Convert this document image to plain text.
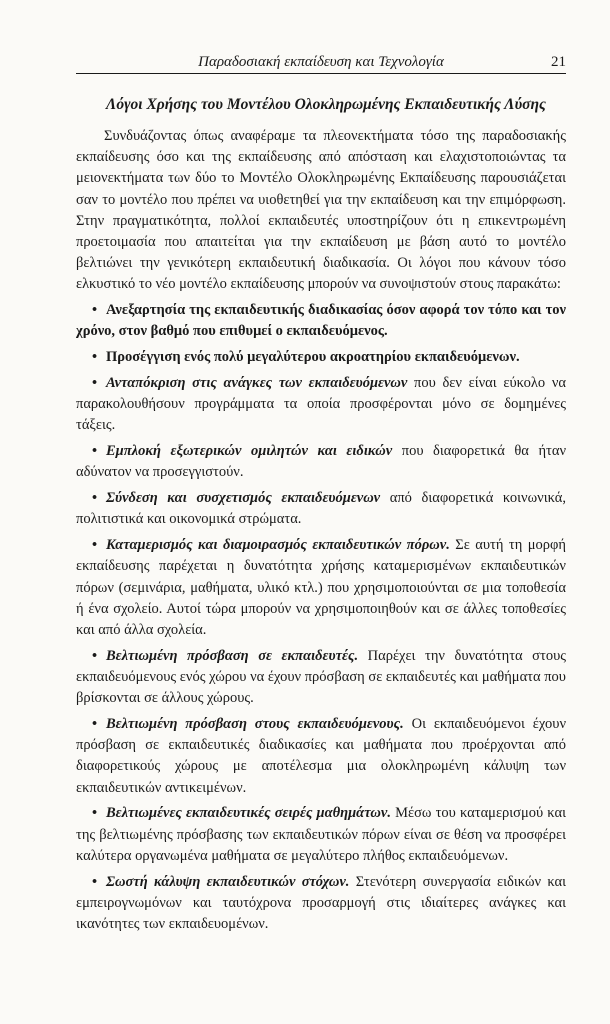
Παραδοσιακή εκπαίδευση και Τεχνολογία	21
Λόγοι Χρήσης του Μοντέλου Ολοκληρωμένης Εκπαιδευτικής Λύσης

Συνδυάζοντας όπως αναφέραμε τα πλεονεκτήματα τόσο της παραδοσιακής εκπαίδευσης όσο και της εκπαίδευσης από απόσταση και ελαχιστοποιώντας τα μειονεκτήματα των δύο το Μοντέλο Ολοκληρωμένης Εκπαίδευσης παρουσιάζεται σαν το μοντέλο που πρέπει να υιοθετηθεί για την εκπαίδευση και την επιμόρφωση. Στην πραγματικότητα, πολλοί εκπαιδευτές υποστηρίζουν ότι η επικεντρωμένη προετοιμασία που απαιτείται για την εκπαίδευση με βάση αυτό το μοντέλο βελτιώνει την γενικότερη εκπαιδευτική διαδικασία. Οι λόγοι που κάνουν τόσο ελκυστικό το νέο μοντέλο εκπαίδευσης μπορούν να συνοψιστούν στους παρακάτω:

• Ανεξαρτησία της εκπαιδευτικής διαδικασίας όσον αφορά τον τόπο και τον χρόνο, στον βαθμό που επιθυμεί ο εκπαιδευόμενος.
• Προσέγγιση ενός πολύ μεγαλύτερου ακροατηρίου εκπαιδευόμενων.
• Ανταπόκριση στις ανάγκες των εκπαιδευόμενων που δεν είναι εύκολο να παρακολουθήσουν προγράμματα τα οποία προσφέρονται μόνο σε δομημένες τάξεις.
• Εμπλοκή εξωτερικών ομιλητών και ειδικών που διαφορετικά θα ήταν αδύνατον να προσεγγιστούν.
• Σύνδεση και συσχετισμός εκπαιδευόμενων από διαφορετικά κοινωνικά, πολιτιστικά και οικονομικά στρώματα.
• Καταμερισμός και διαμοιρασμός εκπαιδευτικών πόρων. Σε αυτή τη μορφή εκπαίδευσης παρέχεται η δυνατότητα χρήσης καταμερισμένων εκπαιδευτικών πόρων (σεμινάρια, μαθήματα, υλικό κτλ.) που χρησιμοποιούνται σε μια τοποθεσία ή ένα σχολείο. Αυτοί τώρα μπορούν να χρησιμοποιηθούν και σε άλλες τοποθεσίες και από άλλα σχολεία.
• Βελτιωμένη πρόσβαση σε εκπαιδευτές. Παρέχει την δυνατότητα στους εκπαιδευόμενους ενός χώρου να έχουν πρόσβαση σε εκπαιδευτές και μαθήματα που βρίσκονται σε άλλους χώρους.
• Βελτιωμένη πρόσβαση στους εκπαιδευόμενους. Οι εκπαιδευόμενοι έχουν πρόσβαση σε εκπαιδευτικές διαδικασίες και μαθήματα που προέρχονται από διαφορετικούς χώρους με αποτέλεσμα μια ολοκληρωμένη κάλυψη των εκπαιδευτικών αντικειμένων.
• Βελτιωμένες εκπαιδευτικές σειρές μαθημάτων. Μέσω του καταμερισμού και της βελτιωμένης πρόσβασης των εκπαιδευτικών πόρων είναι σε θέση να προσφέρει καλύτερα οργανωμένα μαθήματα σε μεγαλύτερο πλήθος εκπαιδευόμενων.
• Σωστή κάλυψη εκπαιδευτικών στόχων. Στενότερη συνεργασία ειδικών και εμπειρογνωμόνων και ταυτόχρονα προσαρμογή στις ιδιαίτερες ανάγκες και ικανότητες των εκπαιδευομένων.
